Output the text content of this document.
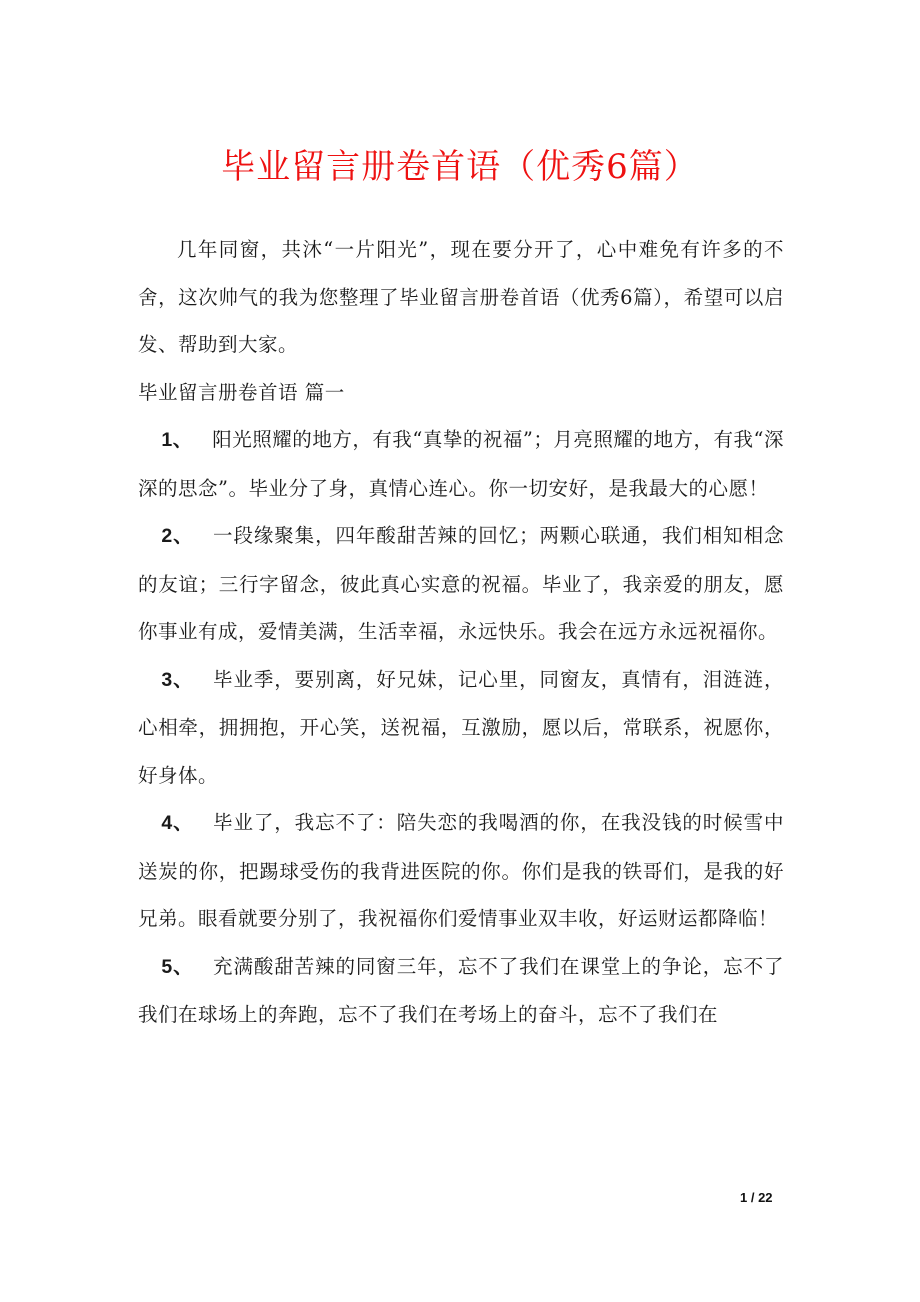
毕业留言册卷首语（优秀6篇）

几年同窗，共沐“一片阳光”，现在要分开了，心中难免有许多的不舍，这次帅气的我为您整理了毕业留言册卷首语（优秀6篇），希望可以启发、帮助到大家。

毕业留言册卷首语 篇一

1、 阳光照耀的地方，有我“真挚的祝福”；月亮照耀的地方，有我“深深的思念”。毕业分了身，真情心连心。你一切安好，是我最大的心愿！

2、 一段缘聚集，四年酸甜苦辣的回忆；两颗心联通，我们相知相念的友谊；三行字留念，彼此真心实意的祝福。毕业了，我亲爱的朋友，愿你事业有成，爱情美满，生活幸福，永远快乐。我会在远方永远祝福你。

3、 毕业季，要别离，好兄妹，记心里，同窗友，真情有，泪涟涟，心相牵，拥拥抱，开心笑，送祝福，互激励，愿以后，常联系，祝愿你，好身体。

4、 毕业了，我忘不了：陪失恋的我喝酒的你，在我没钱的时候雪中送炭的你，把踢球受伤的我背进医院的你。你们是我的铁哥们，是我的好兄弟。眼看就要分别了，我祝福你们爱情事业双丰收，好运财运都降临！

5、 充满酸甜苦辣的同窗三年，忘不了我们在课堂上的争论，忘不了我们在球场上的奔跑，忘不了我们在考场上的奋斗，忘不了我们在

1 / 22
